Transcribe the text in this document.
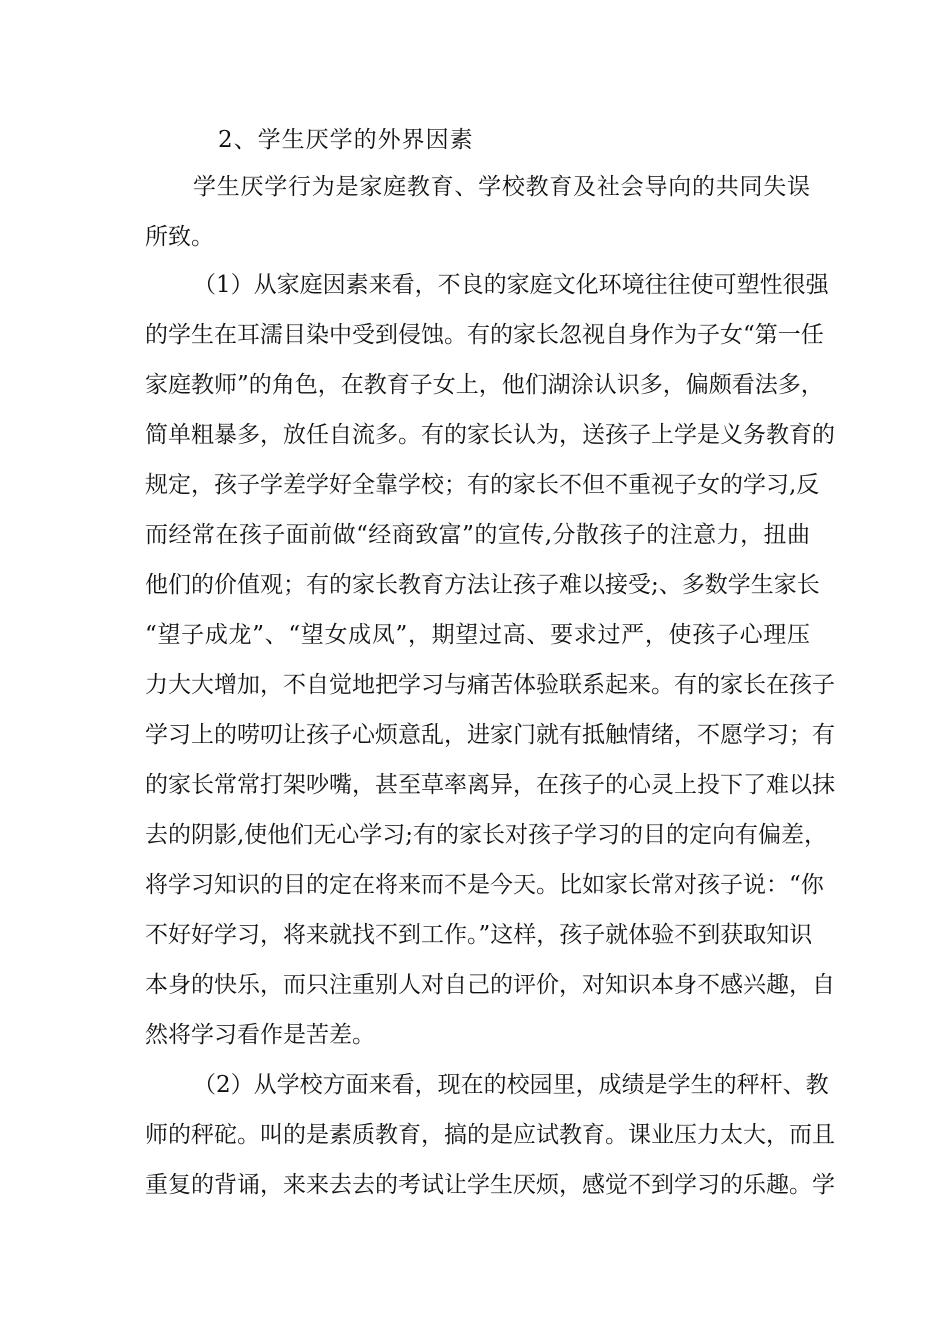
2、学生厌学的外界因素
学生厌学行为是家庭教育、学校教育及社会导向的共同失误
所致。
（1）从家庭因素来看，不良的家庭文化环境往往使可塑性很强
的学生在耳濡目染中受到侵蚀。有的家长忽视自身作为子女“第一任
家庭教师”的角色，在教育子女上，他们湖涂认识多，偏颇看法多，
简单粗暴多，放任自流多。有的家长认为，送孩子上学是义务教育的
规定，孩子学差学好全靠学校；有的家长不但不重视子女的学习,反
而经常在孩子面前做“经商致富”的宣传,分散孩子的注意力，扭曲
他们的价值观；有的家长教育方法让孩子难以接受;、多数学生家长
“望子成龙”、“望女成凤”，期望过高、要求过严，使孩子心理压
力大大增加，不自觉地把学习与痛苦体验联系起来。有的家长在孩子
学习上的唠叨让孩子心烦意乱，进家门就有抵触情绪，不愿学习；有
的家长常常打架吵嘴，甚至草率离异，在孩子的心灵上投下了难以抹
去的阴影,使他们无心学习;有的家长对孩子学习的目的定向有偏差，
将学习知识的目的定在将来而不是今天。比如家长常对孩子说：“你
不好好学习，将来就找不到工作。”这样，孩子就体验不到获取知识
本身的快乐，而只注重别人对自己的评价，对知识本身不感兴趣，自
然将学习看作是苦差。
（2）从学校方面来看，现在的校园里，成绩是学生的秤杆、教
师的秤砣。叫的是素质教育，搞的是应试教育。课业压力太大，而且
重复的背诵，来来去去的考试让学生厌烦，感觉不到学习的乐趣。学
